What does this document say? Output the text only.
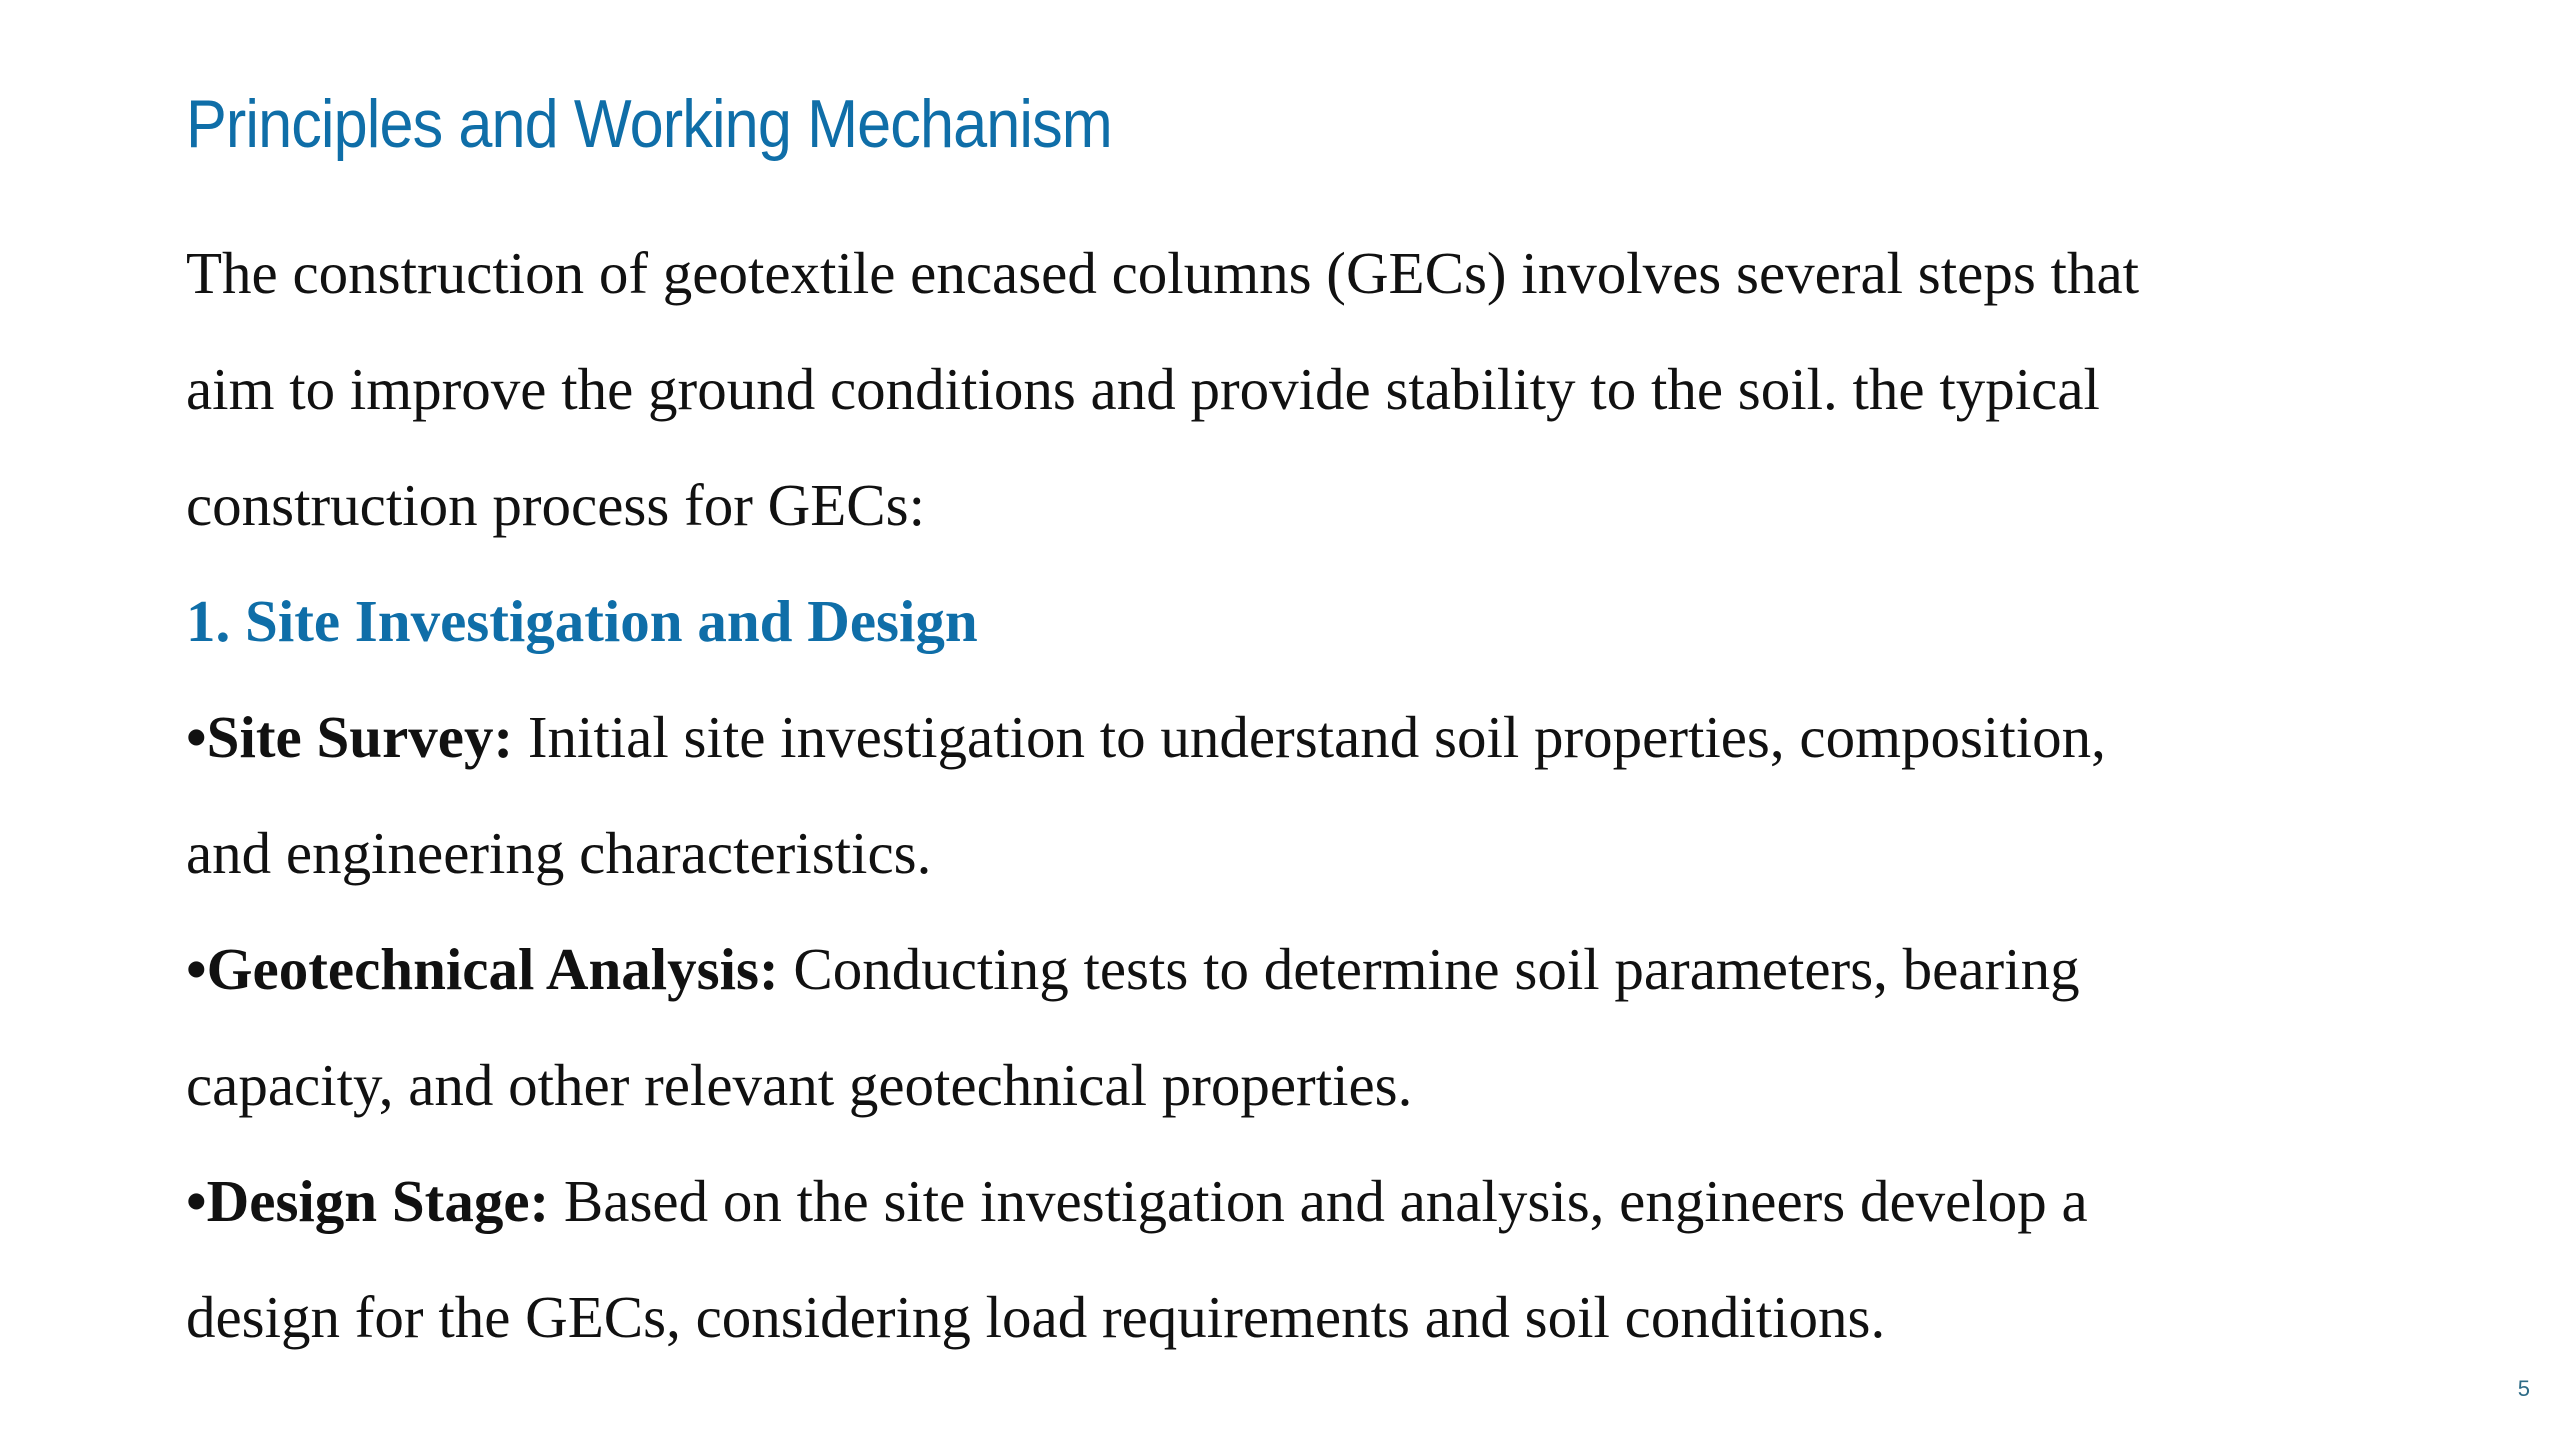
Principles and Working Mechanism
The construction of geotextile encased columns (GECs) involves several steps that
aim to improve the ground conditions and provide stability to the soil. the typical
construction process for GECs:
1. Site Investigation and Design
•Site Survey: Initial site investigation to understand soil properties, composition,
and engineering characteristics.
•Geotechnical Analysis: Conducting tests to determine soil parameters, bearing
capacity, and other relevant geotechnical properties.
•Design Stage: Based on the site investigation and analysis, engineers develop a
design for the GECs, considering load requirements and soil conditions.
5
